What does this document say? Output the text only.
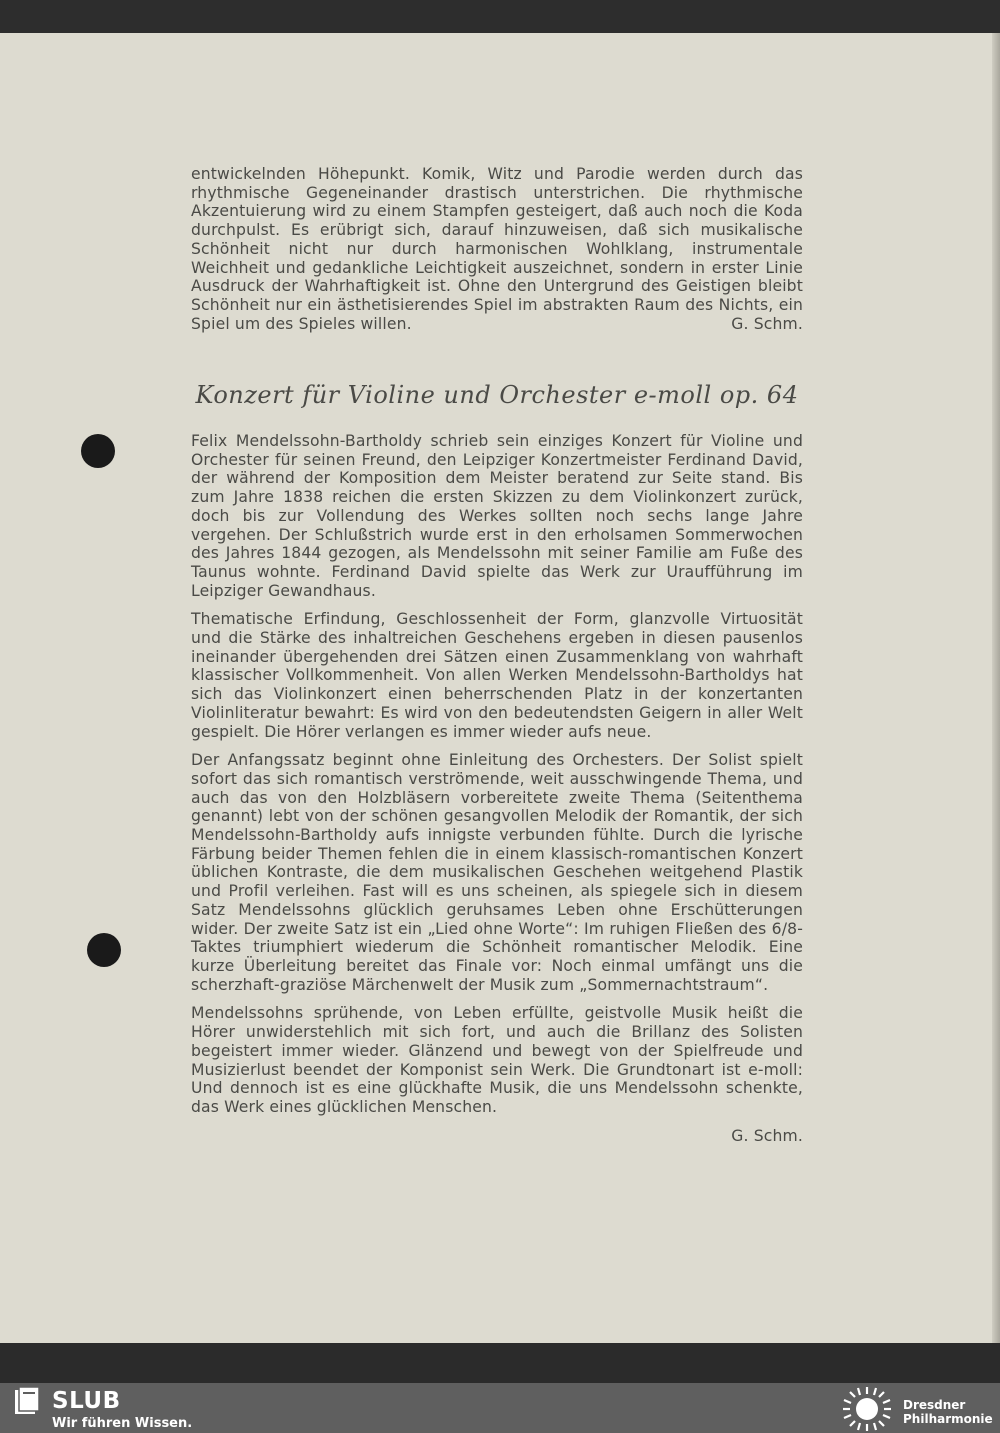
entwickelnden Höhepunkt. Komik, Witz und Parodie werden durch das rhythmische Gegeneinander drastisch unterstrichen. Die rhythmische Akzentuierung wird zu einem Stampfen gesteigert, daß auch noch die Koda durchpulst. Es erübrigt sich, darauf hinzuweisen, daß sich musikalische Schönheit nicht nur durch harmonischen Wohlklang, instrumentale Weichheit und gedankliche Leichtigkeit auszeichnet, sondern in erster Linie Ausdruck der Wahrhaftigkeit ist. Ohne den Untergrund des Geistigen bleibt Schönheit nur ein ästhetisierendes Spiel im abstrakten Raum des Nichts, ein Spiel um des Spieles willen.	G. Schm.

Konzert für Violine und Orchester e-moll op. 64

Felix Mendelssohn-Bartholdy schrieb sein einziges Konzert für Violine und Orchester für seinen Freund, den Leipziger Konzertmeister Ferdinand David, der während der Komposition dem Meister beratend zur Seite stand. Bis zum Jahre 1838 reichen die ersten Skizzen zu dem Violinkonzert zurück, doch bis zur Vollendung des Werkes sollten noch sechs lange Jahre vergehen. Der Schlußstrich wurde erst in den erholsamen Sommerwochen des Jahres 1844 gezogen, als Mendelssohn mit seiner Familie am Fuße des Taunus wohnte. Ferdinand David spielte das Werk zur Uraufführung im Leipziger Gewandhaus.

Thematische Erfindung, Geschlossenheit der Form, glanzvolle Virtuosität und die Stärke des inhaltreichen Geschehens ergeben in diesen pausenlos ineinander übergehenden drei Sätzen einen Zusammenklang von wahrhaft klassischer Vollkommenheit. Von allen Werken Mendelssohn-Bartholdys hat sich das Violinkonzert einen beherrschenden Platz in der konzertanten Violinliteratur bewahrt: Es wird von den bedeutendsten Geigern in aller Welt gespielt. Die Hörer verlangen es immer wieder aufs neue.

Der Anfangssatz beginnt ohne Einleitung des Orchesters. Der Solist spielt sofort das sich romantisch verströmende, weit ausschwingende Thema, und auch das von den Holzbläsern vorbereitete zweite Thema (Seitenthema genannt) lebt von der schönen gesangvollen Melodik der Romantik, der sich Mendelssohn-Bartholdy aufs innigste verbunden fühlte. Durch die lyrische Färbung beider Themen fehlen die in einem klassisch-romantischen Konzert üblichen Kontraste, die dem musikalischen Geschehen weitgehend Plastik und Profil verleihen. Fast will es uns scheinen, als spiegele sich in diesem Satz Mendelssohns glücklich geruhsames Leben ohne Erschütterungen wider. Der zweite Satz ist ein „Lied ohne Worte“: Im ruhigen Fließen des 6/8-Taktes triumphiert wiederum die Schönheit romantischer Melodik. Eine kurze Überleitung bereitet das Finale vor: Noch einmal umfängt uns die scherzhaft-graziöse Märchenwelt der Musik zum „Sommernachtstraum“.

Mendelssohns sprühende, von Leben erfüllte, geistvolle Musik heißt die Hörer unwiderstehlich mit sich fort, und auch die Brillanz des Solisten begeistert immer wieder. Glänzend und bewegt von der Spielfreude und Musizierlust beendet der Komponist sein Werk. Die Grundtonart ist e-moll: Und dennoch ist es eine glückhafte Musik, die uns Mendelssohn schenkte, das Werk eines glücklichen Menschen.

G. Schm.
SLUB
Wir führen Wissen.
Dresdner
Philharmonie
